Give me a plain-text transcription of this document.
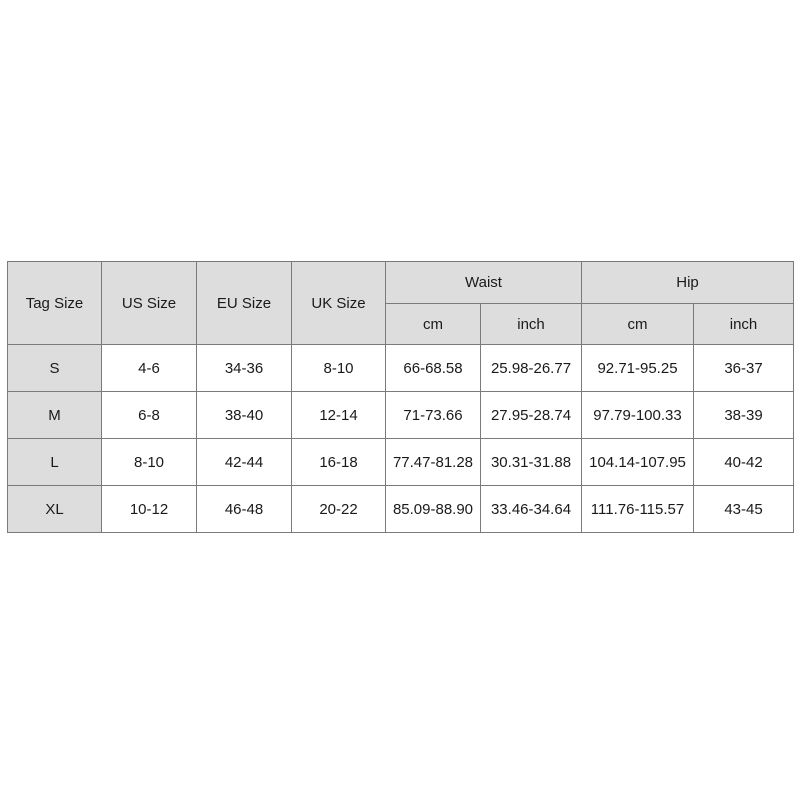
Tag Size	US Size	EU Size	UK Size	Waist		Hip	
				cm	inch	cm	inch
S	4-6	34-36	8-10	66-68.58	25.98-26.77	92.71-95.25	36-37
M	6-8	38-40	12-14	71-73.66	27.95-28.74	97.79-100.33	38-39
L	8-10	42-44	16-18	77.47-81.28	30.31-31.88	104.14-107.95	40-42
XL	10-12	46-48	20-22	85.09-88.90	33.46-34.64	111.76-115.57	43-45
